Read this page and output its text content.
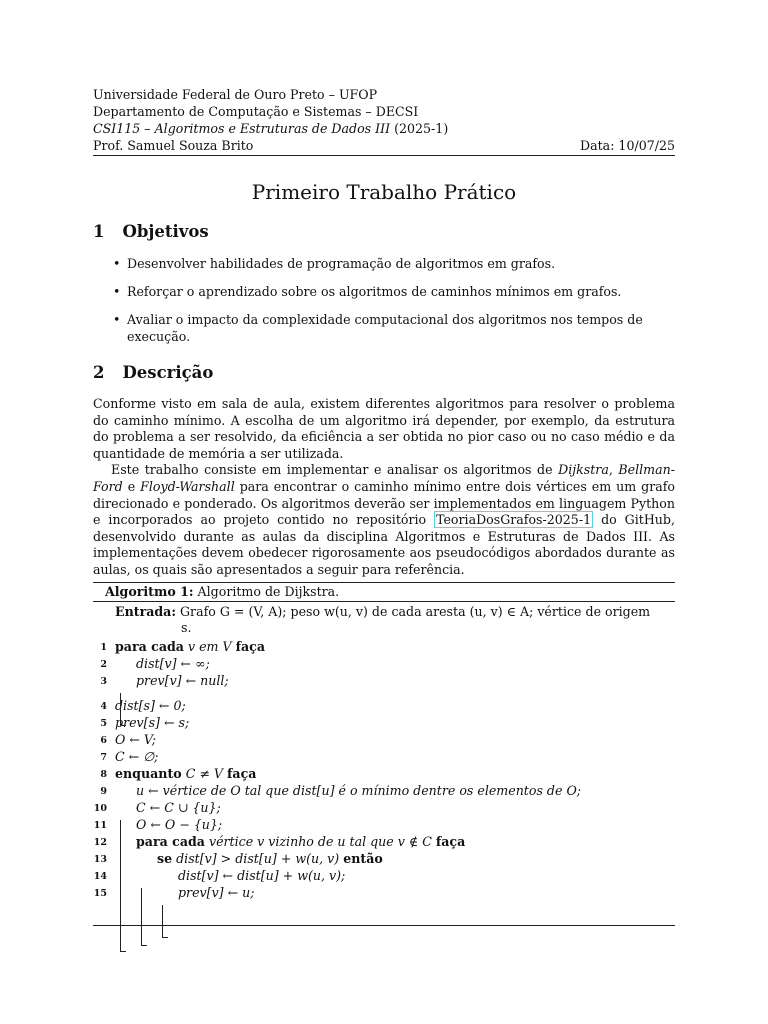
Universidade Federal de Ouro Preto – UFOP
Departamento de Computação e Sistemas – DECSI
CSI115 – Algoritmos e Estruturas de Dados III (2025-1)
Prof. Samuel Souza Brito	Data: 10/07/25
Primeiro Trabalho Prático
1 Objetivos
• Desenvolver habilidades de programação de algoritmos em grafos.
• Reforçar o aprendizado sobre os algoritmos de caminhos mínimos em grafos.
• Avaliar o impacto da complexidade computacional dos algoritmos nos tempos de execução.
2 Descrição

Conforme visto em sala de aula, existem diferentes algoritmos para resolver o problema do caminho mínimo. A escolha de um algoritmo irá depender, por exemplo, da estrutura do problema a ser resolvido, da eficiência a ser obtida no pior caso ou no caso médio e da quantidade de memória a ser utilizada.

Este trabalho consiste em implementar e analisar os algoritmos de Dijkstra, Bellman-Ford e Floyd-Warshall para encontrar o caminho mínimo entre dois vértices em um grafo direcionado e ponderado. Os algoritmos deverão ser implementados em linguagem Python e incorporados ao projeto contido no repositório TeoriaDosGrafos-2025-1 do GitHub, desenvolvido durante as aulas da disciplina Algoritmos e Estruturas de Dados III. As implementações devem obedecer rigorosamente aos pseudocódigos abordados durante as aulas, os quais são apresentados a seguir para referência.

Algoritmo 1: Algoritmo de Dijkstra.
Entrada: Grafo G = (V, A); peso w(u, v) de cada aresta (u, v) ∈ A; vértice de origem
s.
1 para cada v em V faça
2 dist[v] ← ∞;
3 prev[v] ← null;
4 dist[s] ← 0;
5 prev[s] ← s;
6 O ← V;
7 C ← ∅;
8 enquanto C ≠ V faça
9 u ← vértice de O tal que dist[u] é o mínimo dentre os elementos de O;
10 C ← C ∪ {u};
11 O ← O − {u};
12 para cada vértice v vizinho de u tal que v ∉ C faça
13	se dist[v] > dist[u] + w(u, v) então
14	dist[v] ← dist[u] + w(u, v);
15	prev[v] ← u;
